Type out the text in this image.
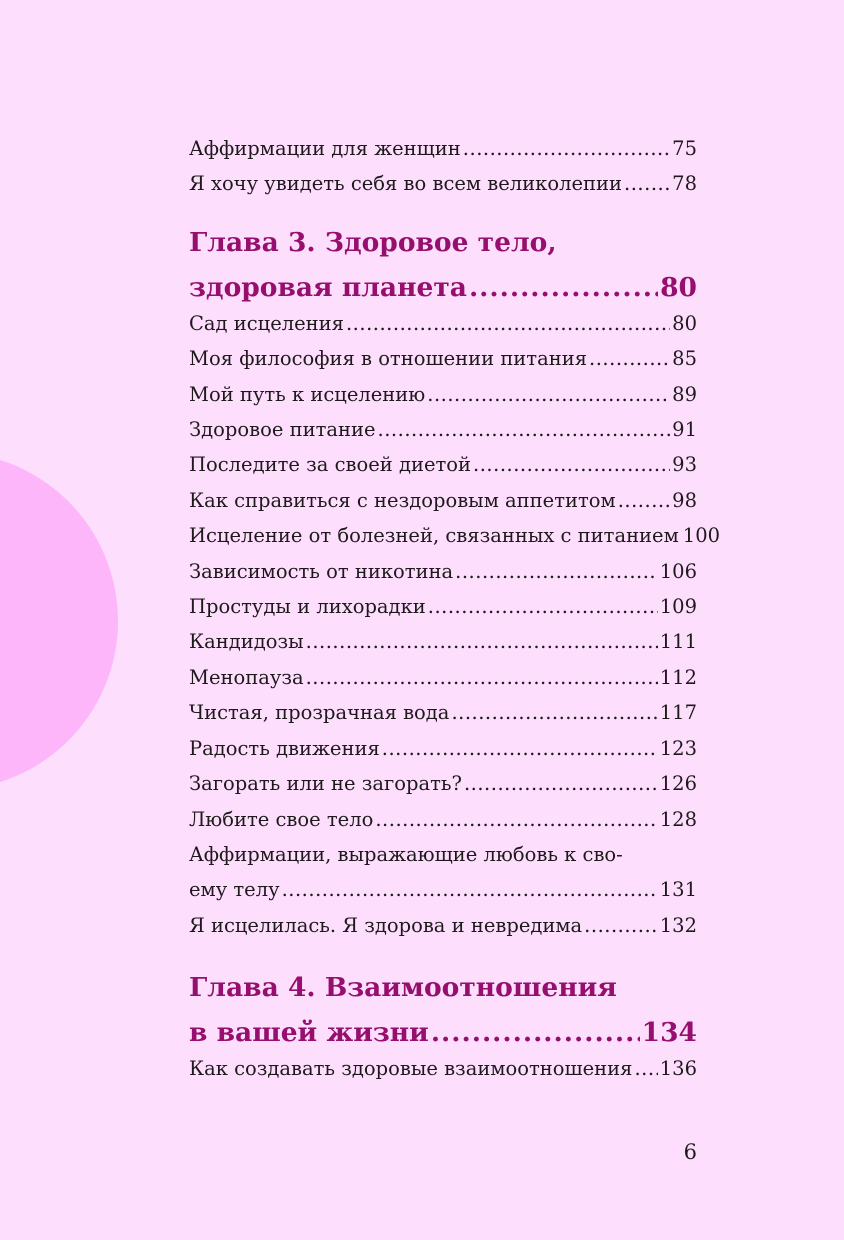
Аффирмации для женщин .....	75
Я хочу увидеть себя во всем великолепии .....	78
Глава 3. Здоровое тело,
здоровая планета .....	80
Сад исцеления .....	80
Моя философия в отношении питания .....	85
Мой путь к исцелению .....	89
Здоровое питание .....	91
Последите за своей диетой .....	93
Как справиться с нездоровым аппетитом .....	98
Исцеление от болезней, связанных с питанием 100
Зависимость от никотина .....	106
Простуды и лихорадки .....	109
Кандидозы .....	111
Менопауза .....	112
Чистая, прозрачная вода .....	117
Радость движения .....	123
Загорать или не загорать? .....	126
Любите свое тело .....	128
Аффирмации, выражающие любовь к сво-
ему телу .....	131
Я исцелилась. Я здорова и невредима .....	132
Глава 4. Взаимоотношения
в вашей жизни .....	134
Как создавать здоровые взаимоотношения ..... 136
6
